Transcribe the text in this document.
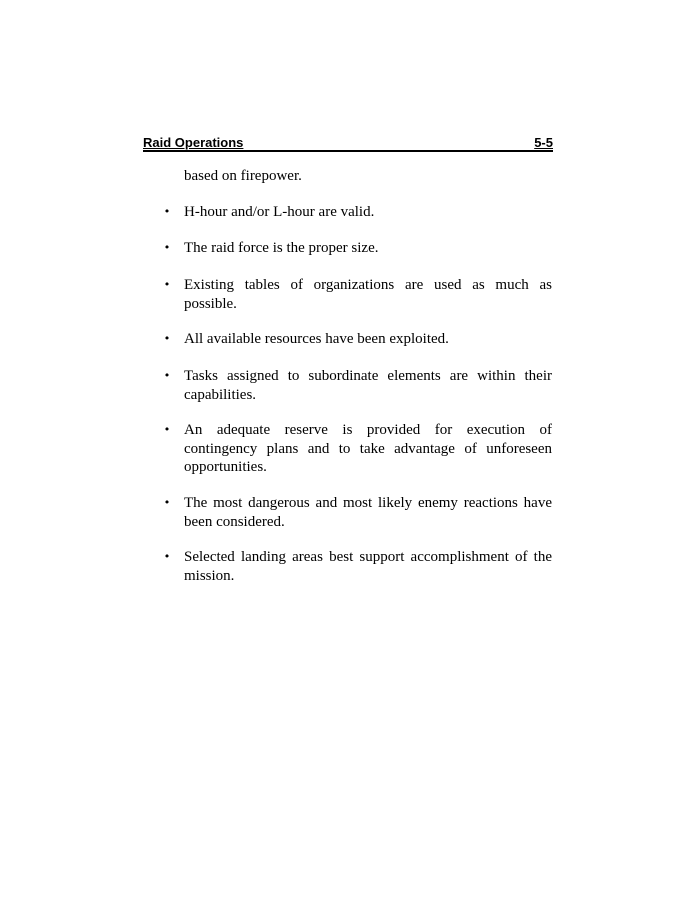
Raid Operations	5-5
based on firepower.
• H-hour and/or L-hour are valid.
• The raid force is the proper size.
• Existing tables of organizations are used as much as possible.
• All available resources have been exploited.
• Tasks assigned to subordinate elements are within their capabilities.
• An adequate reserve is provided for execution of contingency plans and to take advantage of unforeseen opportunities.
• The most dangerous and most likely enemy reactions have been considered.
• Selected landing areas best support accomplishment of the mission.
